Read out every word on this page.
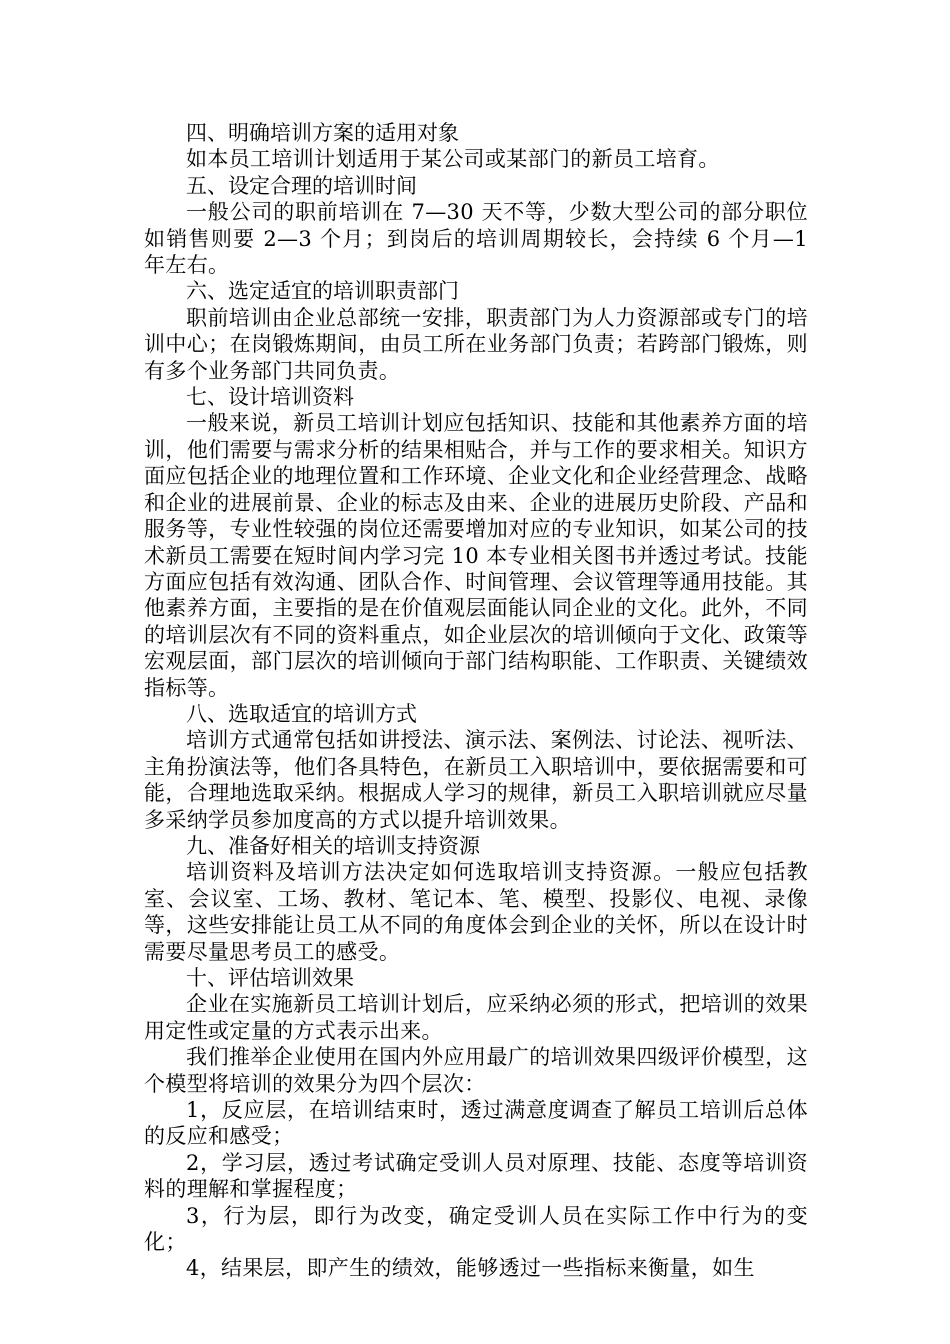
四、明确培训方案的适用对象

如本员工培训计划适用于某公司或某部门的新员工培育。

五、设定合理的培训时间

一般公司的职前培训在 7—30 天不等，少数大型公司的部分职位如销售则要 2—3 个月；到岗后的培训周期较长，会持续 6 个月—1 年左右。

六、选定适宜的培训职责部门

职前培训由企业总部统一安排，职责部门为人力资源部或专门的培训中心；在岗锻炼期间，由员工所在业务部门负责；若跨部门锻炼，则有多个业务部门共同负责。

七、设计培训资料

一般来说，新员工培训计划应包括知识、技能和其他素养方面的培训，他们需要与需求分析的结果相贴合，并与工作的要求相关。知识方面应包括企业的地理位置和工作环境、企业文化和企业经营理念、战略和企业的进展前景、企业的标志及由来、企业的进展历史阶段、产品和服务等，专业性较强的岗位还需要增加对应的专业知识，如某公司的技术新员工需要在短时间内学习完 10 本专业相关图书并透过考试。技能方面应包括有效沟通、团队合作、时间管理、会议管理等通用技能。其他素养方面，主要指的是在价值观层面能认同企业的文化。此外，不同的培训层次有不同的资料重点，如企业层次的培训倾向于文化、政策等宏观层面，部门层次的培训倾向于部门结构职能、工作职责、关键绩效指标等。

八、选取适宜的培训方式

培训方式通常包括如讲授法、演示法、案例法、讨论法、视听法、主角扮演法等，他们各具特色，在新员工入职培训中，要依据需要和可能，合理地选取采纳。根据成人学习的规律，新员工入职培训就应尽量多采纳学员参加度高的方式以提升培训效果。

九、准备好相关的培训支持资源

培训资料及培训方法决定如何选取培训支持资源。一般应包括教室、会议室、工场、教材、笔记本、笔、模型、投影仪、电视、录像等，这些安排能让员工从不同的角度体会到企业的关怀，所以在设计时需要尽量思考员工的感受。

十、评估培训效果

企业在实施新员工培训计划后，应采纳必须的形式，把培训的效果用定性或定量的方式表示出来。

我们推举企业使用在国内外应用最广的培训效果四级评价模型，这个模型将培训的效果分为四个层次：

1，反应层，在培训结束时，透过满意度调查了解员工培训后总体的反应和感受；

2，学习层，透过考试确定受训人员对原理、技能、态度等培训资料的理解和掌握程度；

3，行为层，即行为改变，确定受训人员在实际工作中行为的变化；

4，结果层，即产生的绩效，能够透过一些指标来衡量，如生
